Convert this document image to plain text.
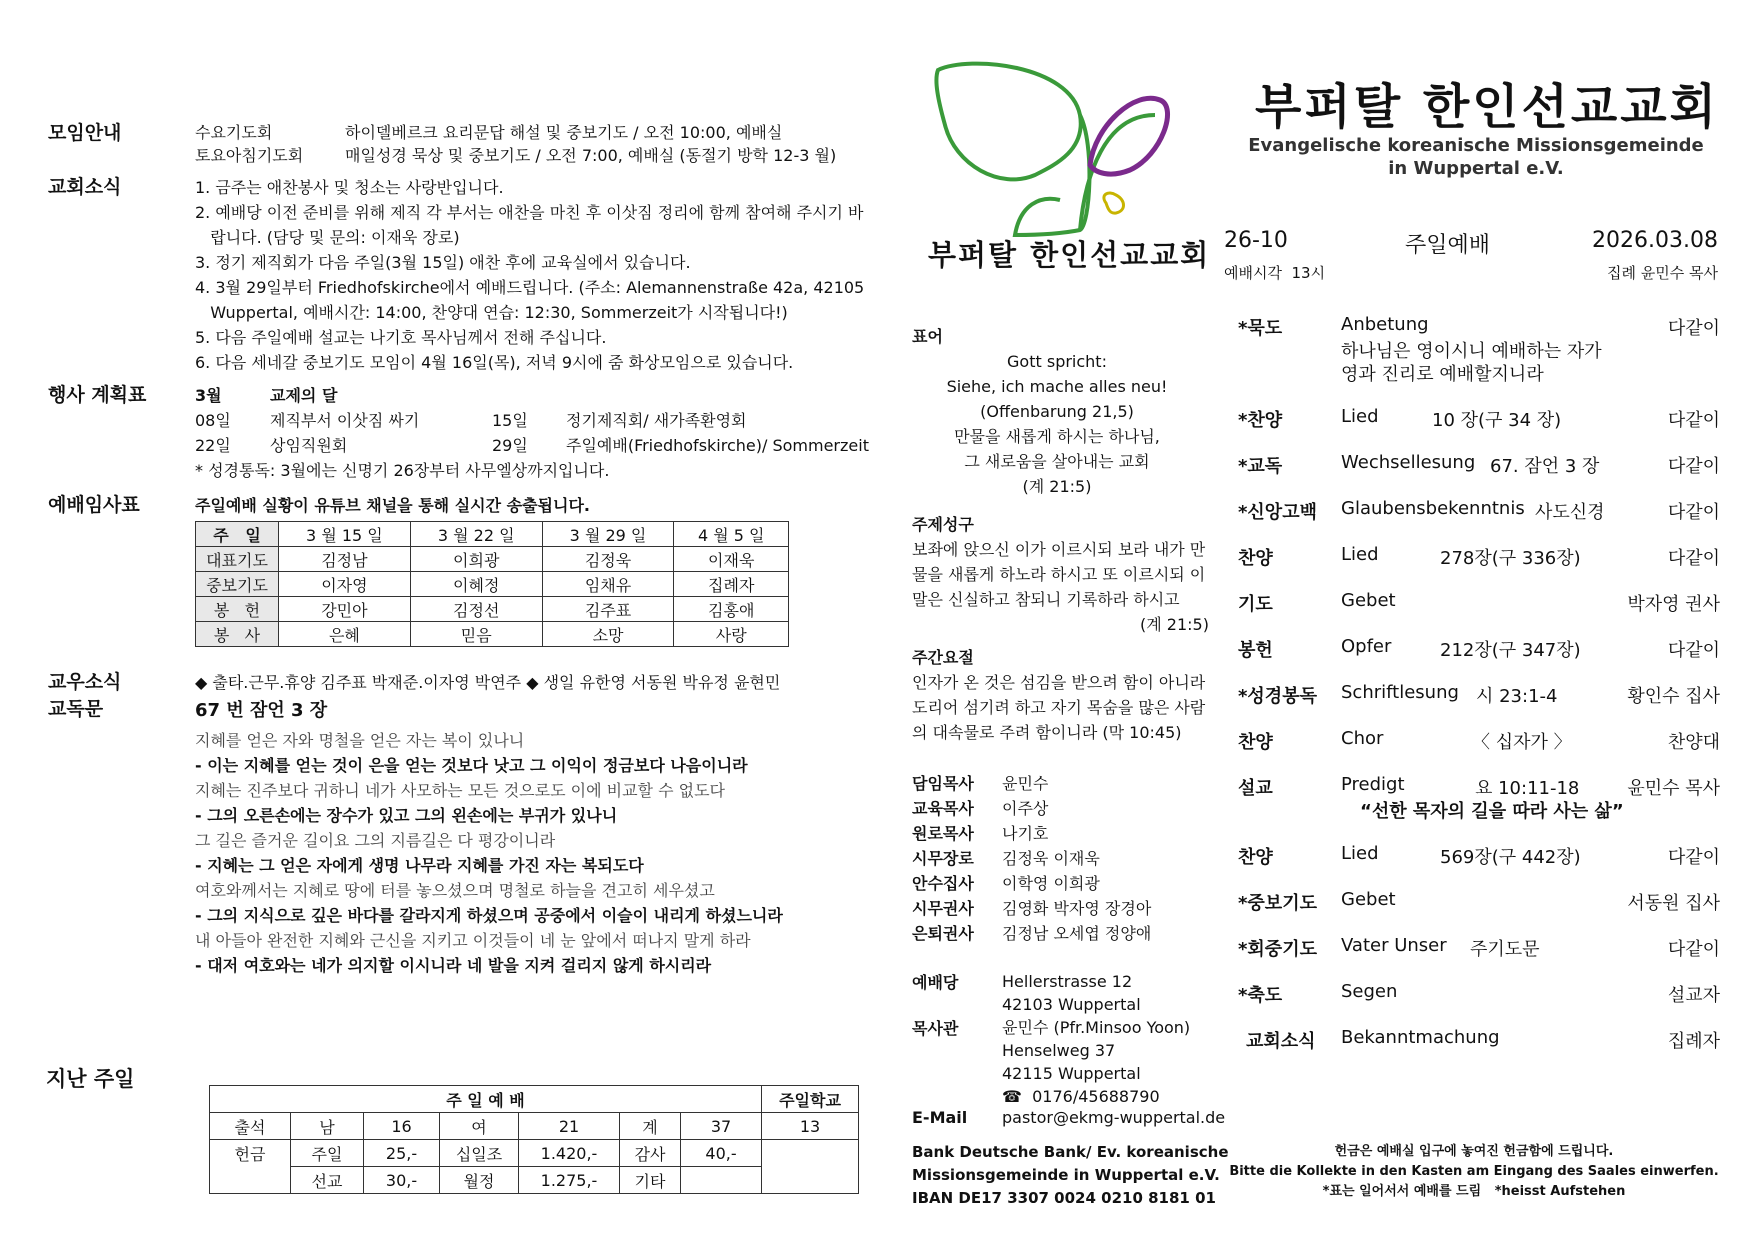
모임안내	수요기도회	하이델베르크 요리문답 해설 및 중보기도 / 오전 10:00, 예배실
토요아침기도회	매일성경 묵상 및 중보기도 / 오전 7:00, 예배실 (동절기 방학 12-3 월)
교회소식	1. 금주는 애찬봉사 및 청소는 사랑반입니다.
2. 예배당 이전 준비를 위해 제직 각 부서는 애찬을 마친 후 이삿짐 정리에 함께 참여해 주시기 바
랍니다. (담당 및 문의: 이재욱 장로)
3. 정기 제직회가 다음 주일(3월 15일) 애찬 후에 교육실에서 있습니다.
4. 3월 29일부터 Friedhofskirche에서 예배드립니다. (주소: Alemannenstraße 42a, 42105
Wuppertal, 예배시간: 14:00, 찬양대 연습: 12:30, Sommerzeit가 시작됩니다!)
5. 다음 주일예배 설교는 나기호 목사님께서 전해 주십니다.
6. 다음 세네갈 중보기도 모임이 4월 16일(목), 저녁 9시에 줌 화상모임으로 있습니다.
행사 계획표	3월	교제의 달
08일 제직부서 이삿짐 싸기	15일 정기제직회/ 새가족환영회
22일 상임직원회	29일 주일예배(Friedhofskirche)/ Sommerzeit
* 성경통독: 3월에는 신명기 26장부터 사무엘상까지입니다.
예배임사표	주일예배 실황이 유튜브 채널을 통해 실시간 송출됩니다.
주   일	3 월 15 일	3 월 22 일	3 월 29 일	4 월 5 일
대표기도	김정남	이희광	김정욱	이재욱
중보기도	이자영	이혜정	임채유	집례자
봉   헌	강민아	김정선	김주표	김홍애
봉   사	은혜	믿음	소망	사랑
교우소식	◆ 출타.근무.휴양 김주표 박재준.이자영 박연주 ◆ 생일 유한영 서동원 박유정 윤현민
교독문	67 번 잠언 3 장
지혜를 얻은 자와 명철을 얻은 자는 복이 있나니
- 이는 지혜를 얻는 것이 은을 얻는 것보다 낫고 그 이익이 정금보다 나음이니라
지혜는 진주보다 귀하니 네가 사모하는 모든 것으로도 이에 비교할 수 없도다
- 그의 오른손에는 장수가 있고 그의 왼손에는 부귀가 있나니
그 길은 즐거운 길이요 그의 지름길은 다 평강이니라
- 지혜는 그 얻은 자에게 생명 나무라 지혜를 가진 자는 복되도다
여호와께서는 지혜로 땅에 터를 놓으셨으며 명철로 하늘을 견고히 세우셨고
- 그의 지식으로 깊은 바다를 갈라지게 하셨으며 공중에서 이슬이 내리게 하셨느니라
내 아들아 완전한 지혜와 근신을 지키고 이것들이 네 눈 앞에서 떠나지 말게 하라
- 대저 여호와는 네가 의지할 이시니라 네 발을 지켜 걸리지 않게 하시리라
지난 주일
주 일 예 배							주일학교
출석	남	16	여	21	계	37	13
헌금	주일	25,-	십일조	1.420,-	감사	40,-	
	선교	30,-	월정	1.275,-	기타		
부퍼탈 한인선교교회
부퍼탈 한인선교교회
Evangelische koreanische Missionsgemeinde
in Wuppertal e.V.
26-10	주일예배	2026.03.08
예배시각  13시	집례 윤민수 목사
표어
Gott spricht:
Siehe, ich mache alles neu!
(Offenbarung 21,5)
만물을 새롭게 하시는 하나님,
그 새로움을 살아내는 교회
(계 21:5)
주제성구
보좌에 앉으신 이가 이르시되 보라 내가 만
물을 새롭게 하노라 하시고 또 이르시되 이
말은 신실하고 참되니 기록하라 하시고
(계 21:5)
주간요절
인자가 온 것은 섬김을 받으려 함이 아니라
도리어 섬기려 하고 자기 목숨을 많은 사람
의 대속물로 주려 함이니라 (막 10:45)
담임목사 윤민수
교육목사 이주상
원로목사 나기호
시무장로 김정욱 이재욱
안수집사 이학영 이희광
시무권사 김영화 박자영 장경아
은퇴권사 김정남 오세엽 정양애
예배당	Hellerstrasse 12
42103 Wuppertal
목사관	윤민수 (Pfr.Minsoo Yoon)
Henselweg 37
42115 Wuppertal
☎  0176/45688790
E-Mail pastor@ekmg-wuppertal.de
Bank Deutsche Bank/ Ev. koreanische
Missionsgemeinde in Wuppertal e.V.
IBAN DE17 3307 0024 0210 8181 01
*묵도	Anbetung	다같이
하나님은 영이시니 예배하는 자가
영과 진리로 예배할지니라
*찬양	Lied	10 장(구 34 장)	다같이
*교독	Wechsellesung 67. 잠언 3 장	다같이
*신앙고백 Glaubensbekenntnis 사도신경	다같이
찬양	Lied	278장(구 336장)	다같이
기도	Gebet	박자영 권사
봉헌	Opfer	212장(구 347장)	다같이
*성경봉독 Schriftlesung 시 23:1-4	황인수 집사
찬양	Chor	〈 십자가 〉	찬양대
설교	Predigt	요 10:11-18	윤민수 목사
“선한 목자의 길을 따라 사는 삶”
찬양	Lied	569장(구 442장)	다같이
*중보기도 Gebet	서동원 집사
*회중기도 Vater Unser 주기도문	다같이
*축도	Segen	설교자
교회소식 Bekanntmachung	집례자
헌금은 예배실 입구에 놓여진 헌금함에 드립니다.
Bitte die Kollekte in den Kasten am Eingang des Saales einwerfen.
*표는 일어서서 예배를 드림   *heisst Aufstehen
